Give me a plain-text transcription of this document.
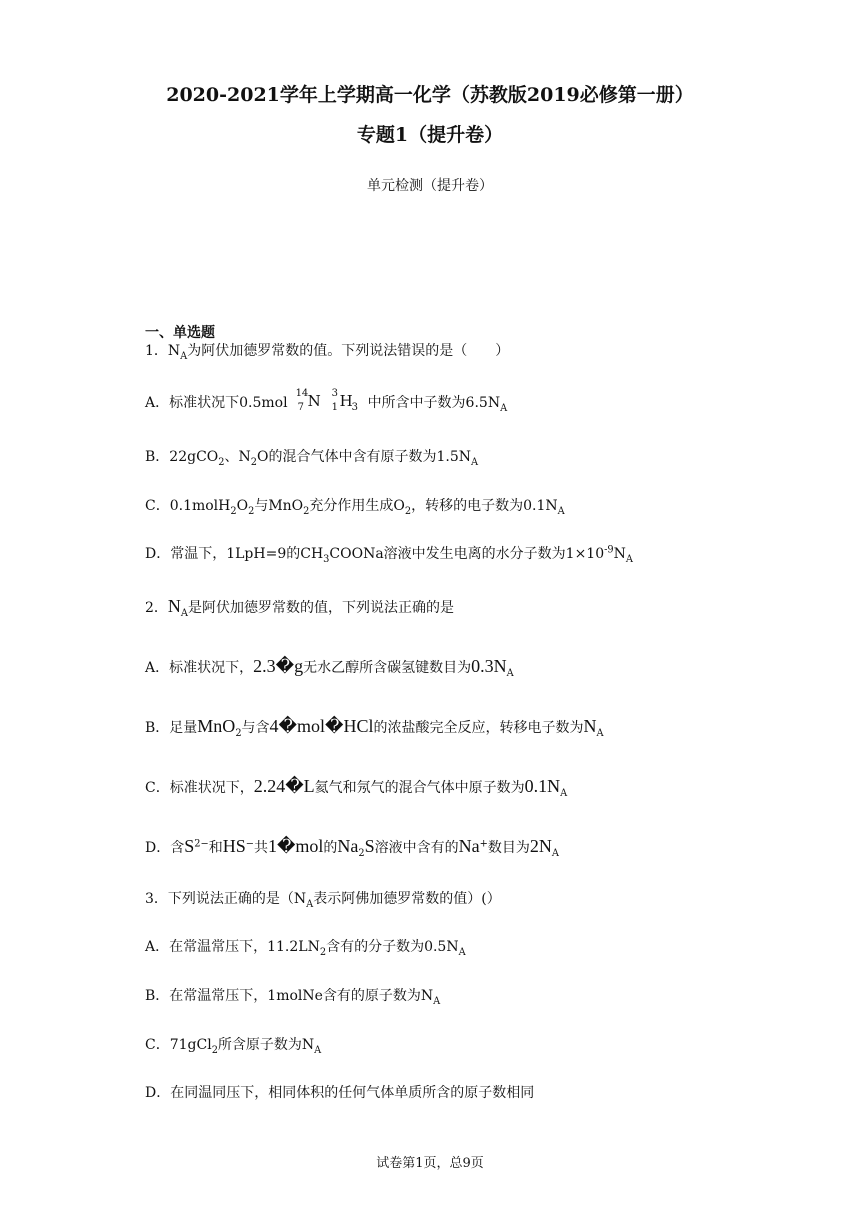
2020-2021学年上学期高一化学（苏教版2019必修第一册）
专题1（提升卷）
单元检测（提升卷）
一、单选题
1．$N_A$为阿伏加德罗常数的值。下列说法错误的是（　　）
A．标准状况下0.5mol
14
7 N 3
1 H
3 中所含中子数为$6.5N_A$
B．22gCO$_2$、$N_2O$的混合气体中含有原子数为$1.5N_A$
C．$0.1molH_2O_2$与MnO$_2$充分作用生成$O_2$，转移的电子数为$0.1N_A$
D．常温下，1LpH=9的$CH_3COONa$溶液中发生电离的水分子数为$1\times 10^{-9}N_A$
2．$N_A$是阿伏加德罗常数的值，下列说法正确的是
A．标准状况下，2.3�g无水乙醇所含碳氢键数目为$0.3N_A$
B．足量MnO$_2$与含4�mol�HCl的浓盐酸完全反应，转移电子数为$N_A$
C．标准状况下，2.24�L氦气和氖气的混合气体中原子数为$0.1N_A$
D．含$S^{2-}$和HS−共1�mol的$Na_2S$溶液中含有的Na+数目为$2N_A$
3．下列说法正确的是（$N_A$表示阿佛加德罗常数的值）(）
A．在常温常压下，$11.2LN_2$含有的分子数为$0.5N_A$
B．在常温常压下，1molNe含有的原子数为$N_A$
C．71gCl$_2$所含原子数为$N_A$
D．在同温同压下，相同体积的任何气体单质所含的原子数相同
试卷第1页，总9页
